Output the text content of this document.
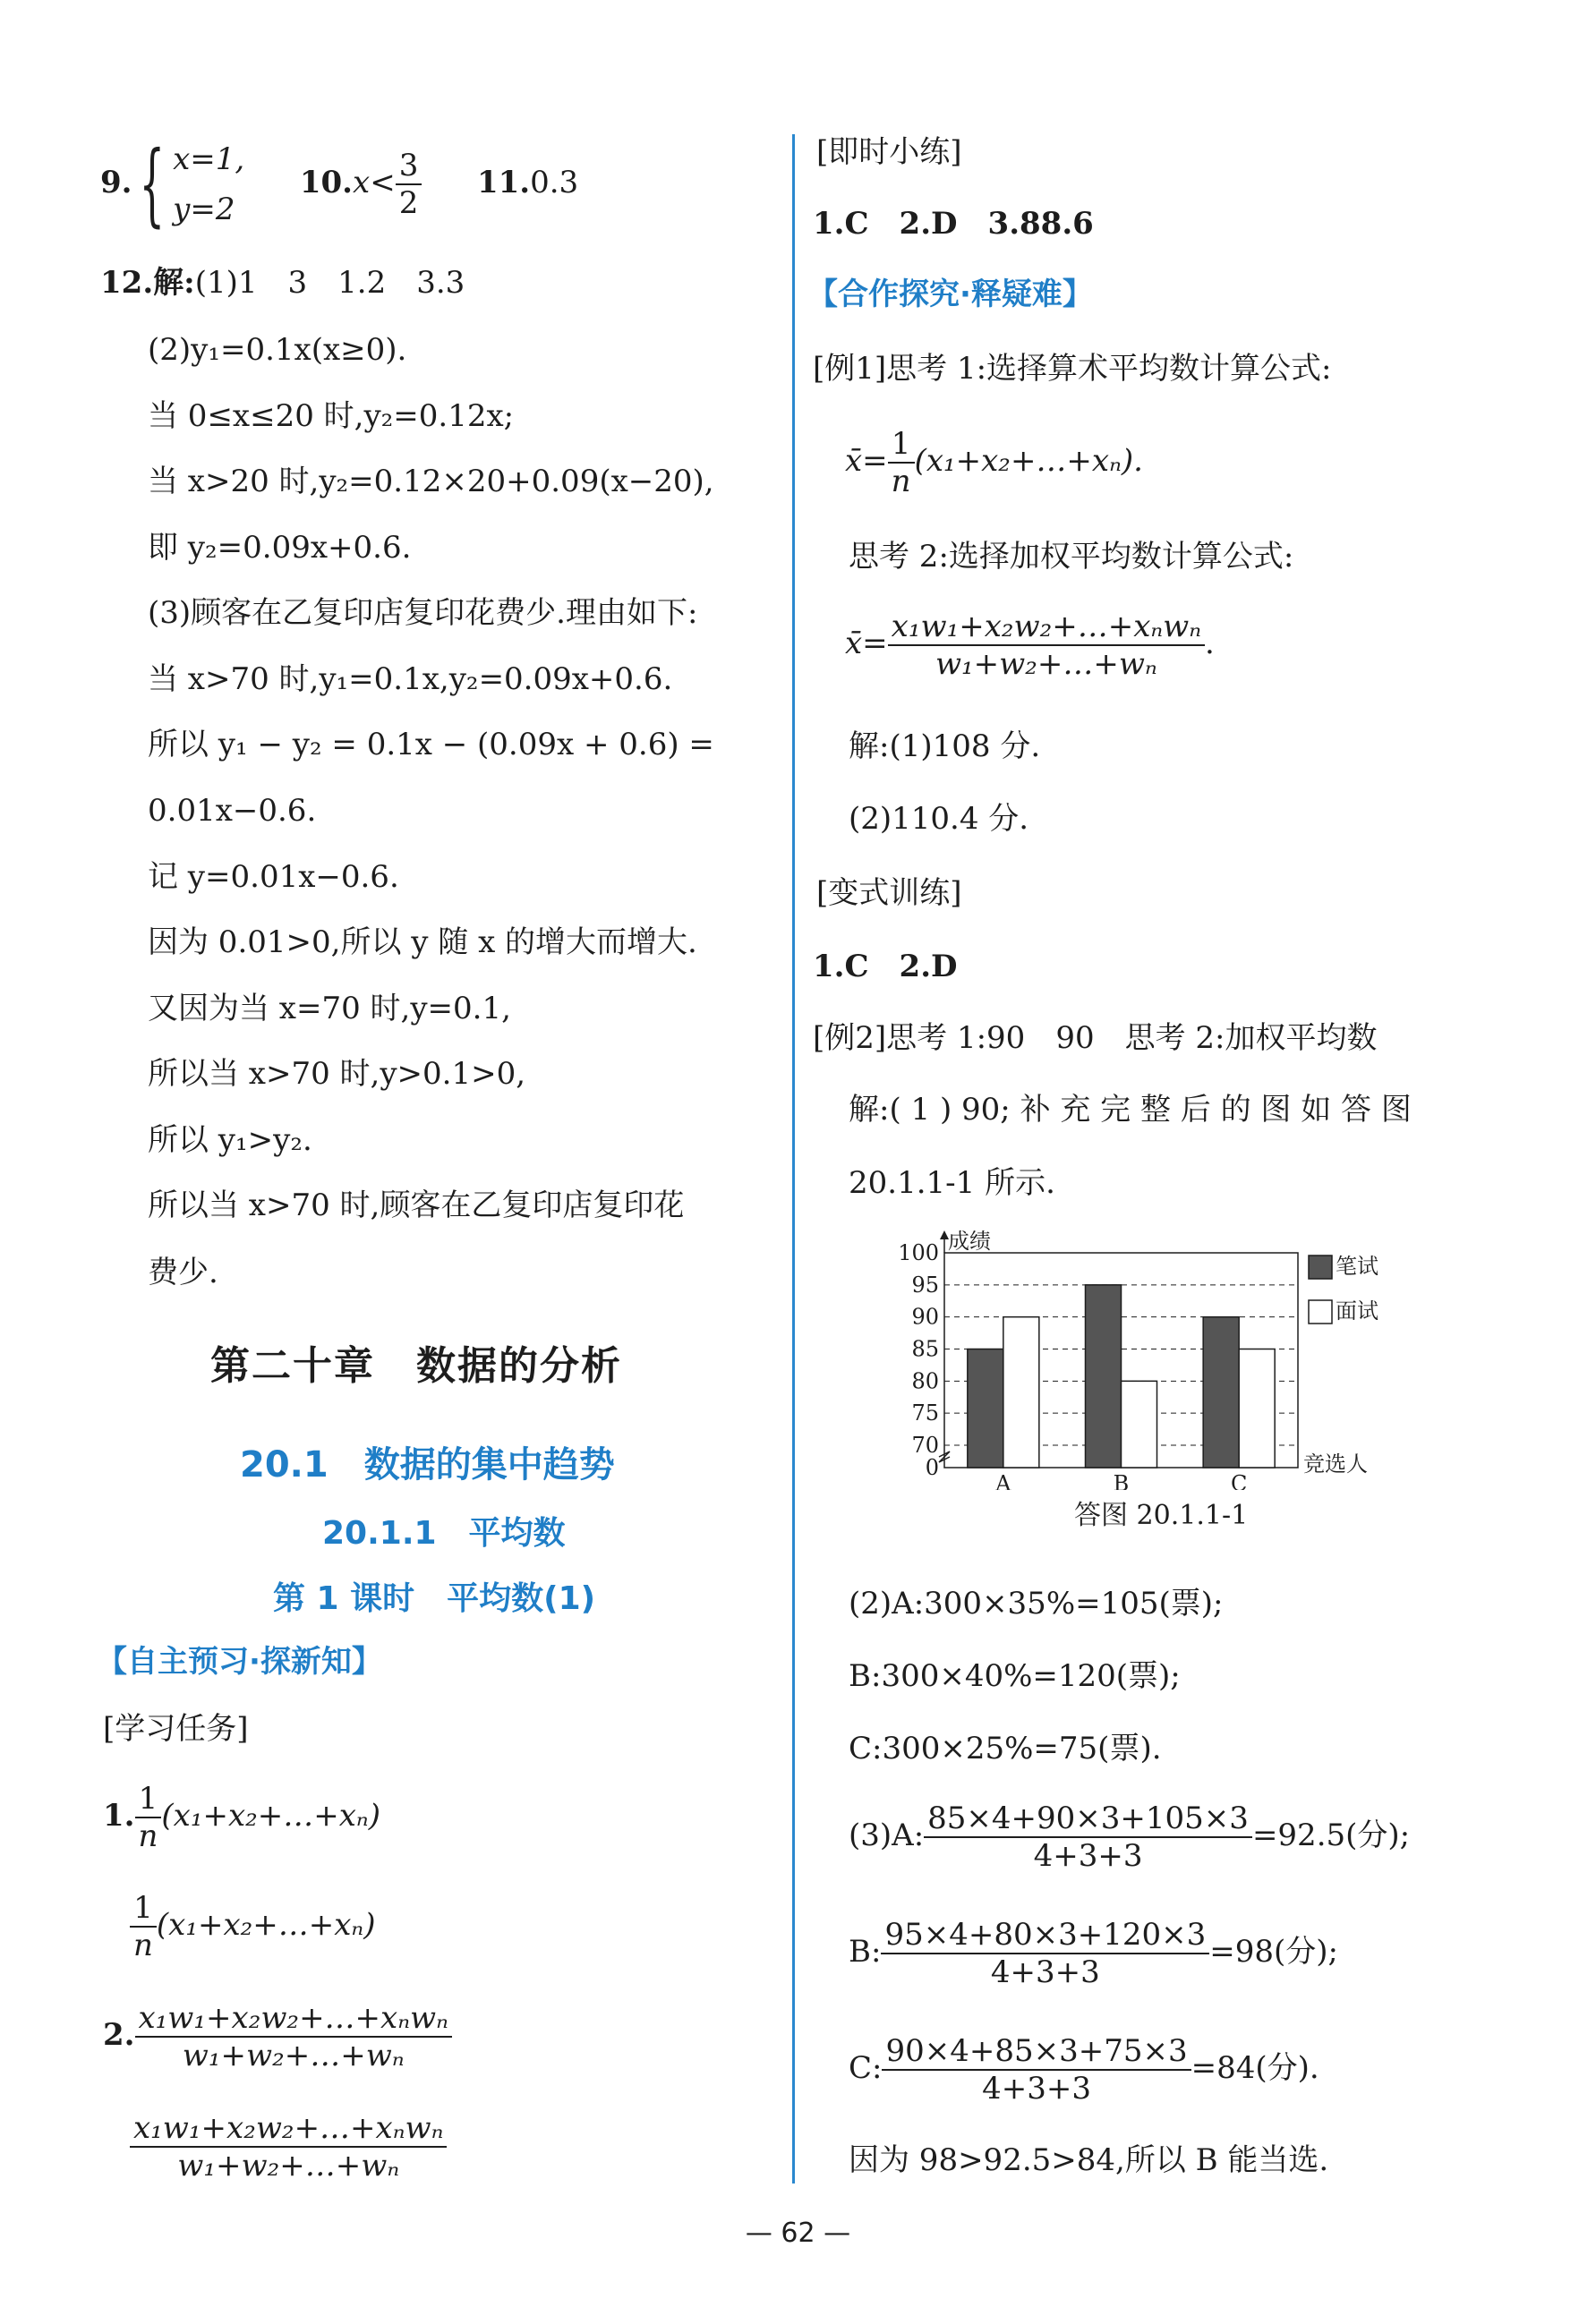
9.{ x=1,
y=2
$10.x< \frac{3}{2} 11.0.3$
12.解:(1)1　3　1.2　3.3
(2)y₁=0.1x(x≥0).
当 0≤x≤20 时,y₂=0.12x;
当 x>20 时,y₂=0.12×20+0.09(x−20),
即 y₂=0.09x+0.6.
(3)顾客在乙复印店复印花费少.理由如下:
当 x>70 时,y₁=0.1x,y₂=0.09x+0.6.
所以 y₁ − y₂ = 0.1x − (0.09x + 0.6) =
0.01x−0.6.
记 y=0.01x−0.6.
因为 0.01>0,所以 y 随 x 的增大而增大.
又因为当 x=70 时,y=0.1,
所以当 x>70 时,y>0.1>0,
所以 y₁>y₂.
所以当 x>70 时,顾客在乙复印店复印花
费少.
第二十章　数据的分析
20.1　数据的集中趋势
20.1.1　平均数
第 1 课时　平均数(1)
【自主预习·探新知】
[学习任务]
1. $\frac{1}{n}$ (x₁+x₂+…+xₙ)
$\frac{1}{n}$ (x₁+x₂+…+xₙ)
2. $\frac{\text{x₁w₁+x₂w₂+…+xₙwₙ}}{\text{w₁+w₂+…+wₙ}}$
$\frac{\text{x₁w₁+x₂w₂+…+xₙwₙ}}{\text{w₁+w₂+…+wₙ}}$
[即时小练]
1.C　2.D　3.88.6
【合作探究·释疑难】
[例1]思考 1:选择算术平均数计算公式:
x̄= $\frac{1}{n}$ (x₁+x₂+…+xₙ).
思考 2:选择加权平均数计算公式:
x̄= $\frac{\text{x₁w₁+x₂w₂+…+xₙwₙ}}{\text{w₁+w₂+…+wₙ}}$ .
解:(1)108 分.
(2)110.4 分.
[变式训练]
1.C　2.D
[例2]思考 1:90　90　思考 2:加权平均数
解:( 1 ) 90; 补 充 完 整 后 的 图 如 答 图
20.1.1-1 所示.
成绩
70
75
80
85
90
95
100
0	竞选人
A	B	C
笔试
面试
答图 20.1.1-1
(2)A:300×35%=105(票);
B:300×40%=120(票);
C:300×25%=75(票).
(3)A: $\frac{85\times 4+90\times 3+105\times 3}{4+3+3} =92.5$(分);
B: $\frac{95\times 4+80\times 3+120\times 3}{4+3+3} =98$(分);
C: $\frac{90\times 4+85\times 3+75\times 3}{4+3+3} =84$(分).
因为 98>92.5>84,所以 B 能当选.
— 62 —
